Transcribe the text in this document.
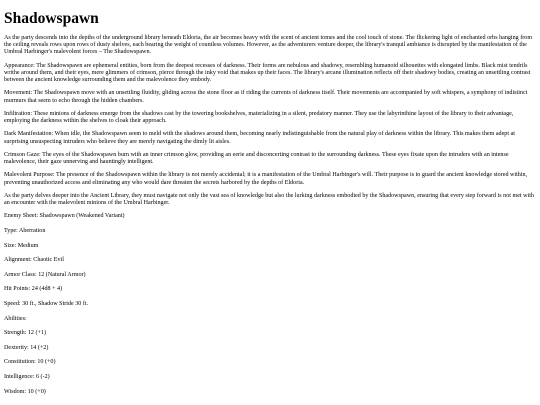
Shadowspawn

As the party descends into the depths of the underground library beneath Eldoria, the air becomes heavy with the scent of ancient tomes and the cool touch of stone. The flickering light of enchanted orbs hanging from the ceiling reveals rows upon rows of dusty shelves, each bearing the weight of countless volumes. However, as the adventurers venture deeper, the library's tranquil ambiance is disrupted by the manifestation of the Umbral Harbinger's malevolent forces – The Shadowspawn.

Appearance: The Shadowspawn are ephemeral entities, born from the deepest recesses of darkness. Their forms are nebulous and shadowy, resembling humanoid silhouettes with elongated limbs. Black mist tendrils writhe around them, and their eyes, mere glimmers of crimson, pierce through the inky void that makes up their faces. The library's arcane illumination reflects off their shadowy bodies, creating an unsettling contrast between the ancient knowledge surrounding them and the malevolence they embody.

Movement: The Shadowspawn move with an unsettling fluidity, gliding across the stone floor as if riding the currents of darkness itself. Their movements are accompanied by soft whispers, a symphony of indistinct murmurs that seem to echo through the hidden chambers.

Infiltration: These minions of darkness emerge from the shadows cast by the towering bookshelves, materializing in a silent, predatory manner. They use the labyrinthine layout of the library to their advantage, employing the darkness within the shelves to cloak their approach.

Dark Manifestation: When idle, the Shadowspawn seem to meld with the shadows around them, becoming nearly indistinguishable from the natural play of darkness within the library. This makes them adept at surprising unsuspecting intruders who believe they are merely navigating the dimly lit aisles.

Crimson Gaze: The eyes of the Shadowspawn burn with an inner crimson glow, providing an eerie and disconcerting contrast to the surrounding darkness. These eyes fixate upon the intruders with an intense malevolence, their gaze unnerving and hauntingly intelligent.

Malevolent Purpose: The presence of the Shadowspawn within the library is not merely accidental; it is a manifestation of the Umbral Harbinger's will. Their purpose is to guard the ancient knowledge stored within, preventing unauthorized access and eliminating any who would dare threaten the secrets harbored by the depths of Eldoria.

As the party delves deeper into the Ancient Library, they must navigate not only the vast sea of knowledge but also the lurking darkness embodied by the Shadowspawn, ensuring that every step forward is not met with an encounter with the malevolent minions of the Umbral Harbinger.

Enemy Sheet: Shadowspawn (Weakened Variant)

Type: Aberration

Size: Medium

Alignment: Chaotic Evil

Armor Class: 12 (Natural Armor)

Hit Points: 24 (4d8 + 4)

Speed: 30 ft., Shadow Stride 30 ft.

Abilities:

Strength: 12 (+1)

Dexterity: 14 (+2)

Constitution: 10 (+0)

Intelligence: 6 (-2)

Wisdom: 10 (+0)
